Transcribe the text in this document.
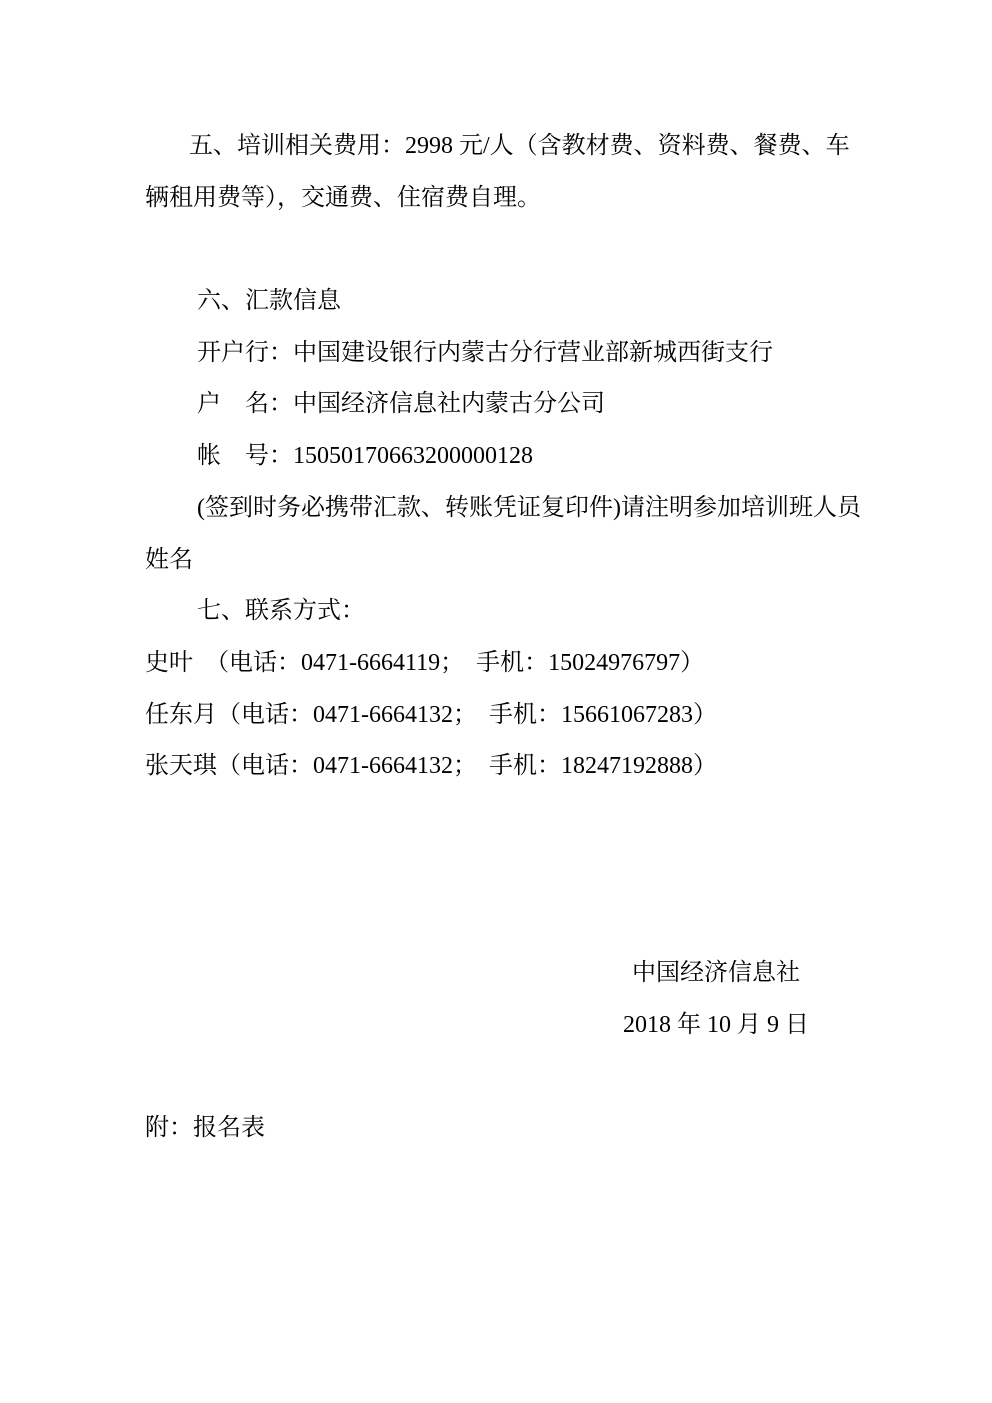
五、培训相关费用：2998 元/人（含教材费、资料费、餐费、车
辆租用费等），交通费、住宿费自理。
六、汇款信息
开户行：中国建设银行内蒙古分行营业部新城西街支行
户　名：中国经济信息社内蒙古分公司
帐　号：15050170663200000128
(签到时务必携带汇款、转账凭证复印件)请注明参加培训班人员
姓名
七、联系方式：
史叶　（电话：0471-6664119；　手机：15024976797）
任东月（电话：0471-6664132；　手机：15661067283）
张天琪（电话：0471-6664132；　手机：18247192888）
中国经济信息社
2018 年 10 月 9 日
附：报名表
